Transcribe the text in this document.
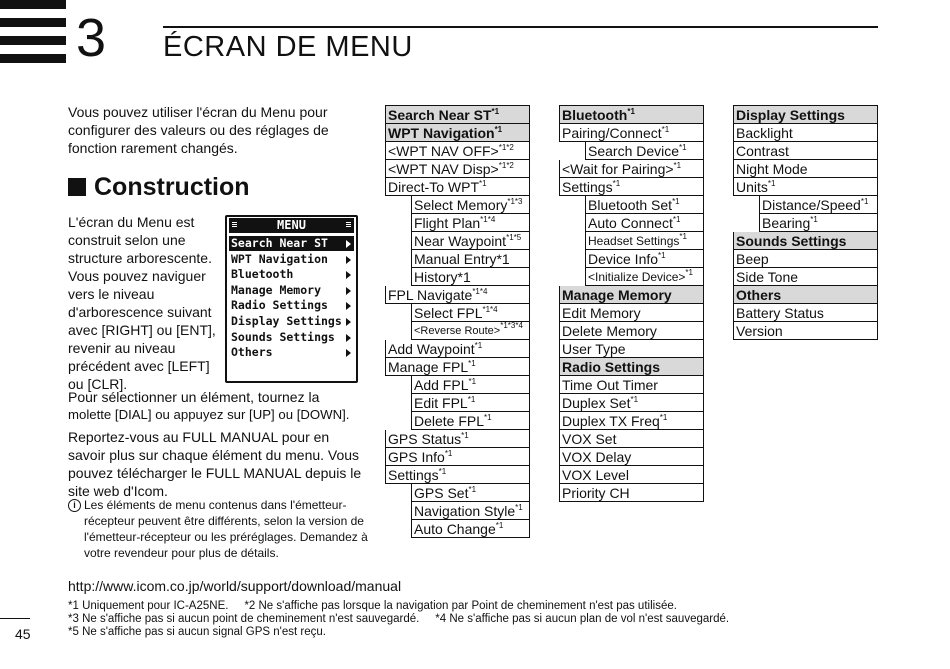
3 ÉCRAN DE MENU
Vous pouvez utiliser l'écran du Menu pour configurer des valeurs ou des réglages de fonction rarement changés.
Construction
L'écran du Menu est construit selon une structure arborescente. Vous pouvez naviguer vers le niveau d'arborescence suivant avec [RIGHT] ou [ENT], revenir au niveau précédent avec [LEFT] ou [CLR].
Pour sélectionner un élément, tournez la
molette [DIAL] ou appuyez sur [UP] ou [DOWN].
Reportez-vous au FULL MANUAL pour en savoir plus sur chaque élément du menu. Vous pouvez télécharger le FULL MANUAL depuis le site web d'Icom.
i Les éléments de menu contenus dans l'émetteur-récepteur peuvent être différents, selon la version de l'émetteur-récepteur ou les préréglages. Demandez à votre revendeur pour plus de détails.
http://www.icom.co.jp/world/support/download/manual
MENU
Search Near ST
WPT Navigation
Bluetooth
Manage Memory
Radio Settings
Display Settings
Sounds Settings
Others
Search Near ST$^{*1}$
WPT Navigation$^{*1}$
<WPT NAV OFF>$^{*1*2}$
<WPT NAV Disp>$^{*1*2}$
Direct-To WPT$^{*1}$
Select Memory$^{*1*3}$
Flight Plan$^{*1*4}$
Near Waypoint$^{*1*5}$
Manual Entry*1
History*1
FPL Navigate$^{*1*4}$
Select $FPL^{*1*4}$
<Reverse Route>$^{*1*3*4}$
Add Waypoint$^{*1}$
Manage FPL$^{*1}$
Add FPL$^{*1}$
Edit FPL$^{*1}$
Delete FPL$^{*1}$
GPS Status$^{*1}$
GPS Info$^{*1}$
Settings$^{*1}$
GPS Set$^{*1}$
Navigation Style$^{*1}$
Auto Change$^{*1}$
Bluetooth$^{*1}$
Pairing/Connect$^{*1}$
Search Device$^{*1}$
<Wait for Pairing>$^{*1}$
Settings$^{*1}$
Bluetooth Set$^{*1}$
Auto Connect$^{*1}$
Headset Settings$^{*1}$
Device Info$^{*1}$
<Initialize Device>$^{*1}$
Manage Memory
Edit Memory
Delete Memory
User Type
Radio Settings
Time Out Timer
Duplex Set$^{*1}$
Duplex TX Freq$^{*1}$
VOX Set
VOX Delay
VOX Level
Priority CH
Display Settings
Backlight
Contrast
Night Mode
Units$^{*1}$
Distance/Speed$^{*1}$
Bearing$^{*1}$
Sounds Settings
Beep
Side Tone
Others
Battery Status
Version
*1 Uniquement pour IC-A25NE. *2 Ne s'affiche pas lorsque la navigation par Point de cheminement n'est pas utilisée.
*3 Ne s'affiche pas si aucun point de cheminement n'est sauvegardé. *4 Ne s'affiche pas si aucun plan de vol n'est sauvegardé.
*5 Ne s'affiche pas si aucun signal GPS n'est reçu.
45
